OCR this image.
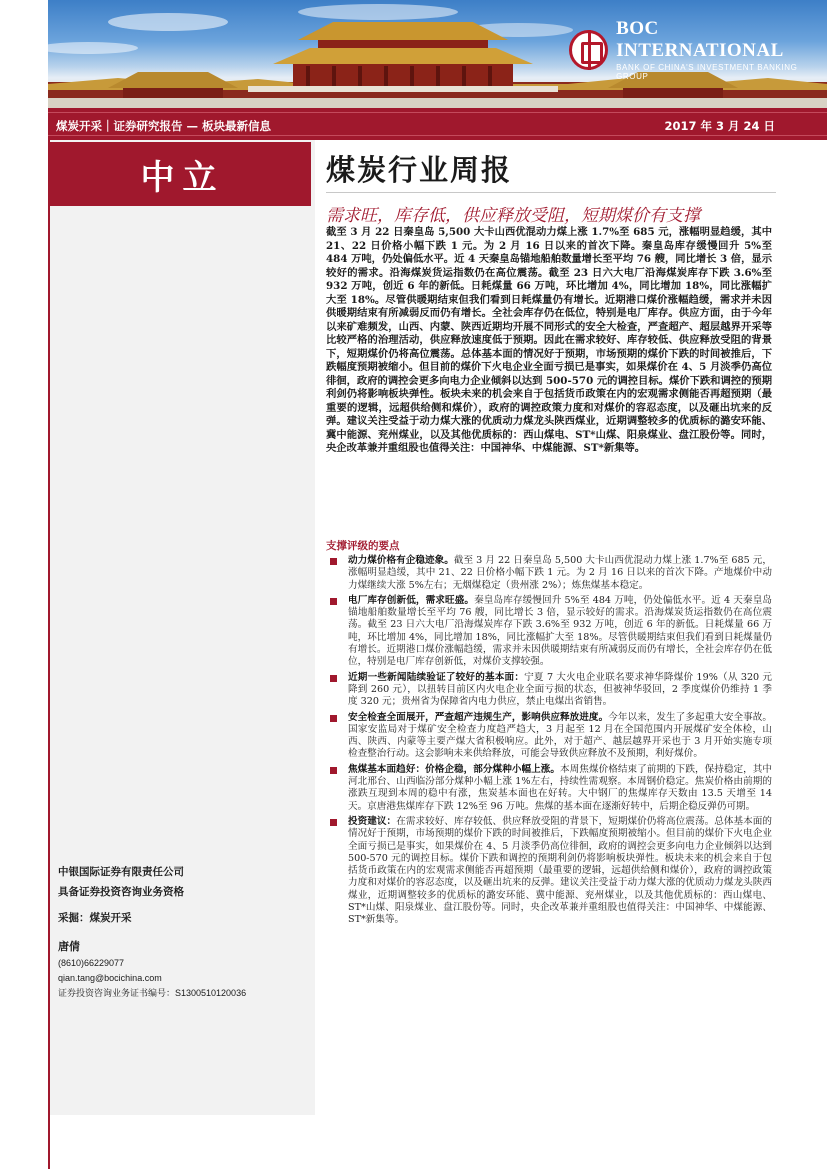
BOC INTERNATIONAL
BANK OF CHINA'S INVESTMENT BANKING GROUP
煤炭开采｜证券研究报告 — 板块最新信息	2017 年 3 月 24 日
中立
中银国际证券有限责任公司
具备证券投资咨询业务资格
采掘：煤炭开采
唐倩
(8610)66229077
qian.tang@bocichina.com
证券投资咨询业务证书编号：S1300510120036
煤炭行业周报
需求旺，库存低，供应释放受阻，短期煤价有支撑
截至 3 月 22 日秦皇岛 5,500 大卡山西优混动力煤上涨 1.7%至 685 元，涨幅明显趋缓，其中 21、22 日价格小幅下跌 1 元。为 2 月 16 日以来的首次下降。秦皇岛库存缓慢回升 5%至 484 万吨，仍处偏低水平。近 4 天秦皇岛锚地船舶数量增长至平均 76 艘，同比增长 3 倍，显示较好的需求。沿海煤炭货运指数仍在高位震荡。截至 23 日六大电厂沿海煤炭库存下跌 3.6%至 932 万吨，创近 6 年的新低。日耗煤量 66 万吨，环比增加 4%，同比增加 18%，同比涨幅扩大至 18%。尽管供暖期结束但我们看到日耗煤量仍有增长。近期港口煤价涨幅趋缓，需求并未因供暖期结束有所减弱反而仍有增长。全社会库存仍在低位，特别是电厂库存。供应方面，由于今年以来矿难频发，山西、内蒙、陕西近期均开展不同形式的安全大检查，严查超产、超层越界开采等比较严格的治理活动，供应释放速度低于预期。因此在需求较好、库存较低、供应释放受阻的背景下，短期煤价仍将高位震荡。总体基本面的情况好于预期，市场预期的煤价下跌的时间被推后，下跌幅度预期被缩小。但目前的煤价下火电企业全面亏损已是事实，如果煤价在 4、5 月淡季仍高位徘徊，政府的调控会更多向电力企业倾斜以达到 500-570 元的调控目标。煤价下跌和调控的预期利剑仍将影响板块弹性。板块未来的机会来自于包括货币政策在内的宏观需求侧能否再超预期（最重要的逻辑，远超供给侧和煤价），政府的调控政策力度和对煤价的容忍态度，以及砸出坑来的反弹。建议关注受益于动力煤大涨的优质动力煤龙头陕西煤业，近期调整较多的优质标的潞安环能、冀中能源、兖州煤业，以及其他优质标的：西山煤电、ST*山煤、阳泉煤业、盘江股份等。同时，央企改革兼并重组股也值得关注：中国神华、中煤能源、ST*新集等。
支撑评级的要点
动力煤价格有企稳迹象。截至 3 月 22 日秦皇岛 5,500 大卡山西优混动力煤上涨 1.7%至 685 元，涨幅明显趋缓，其中 21、22 日价格小幅下跌 1 元。为 2 月 16 日以来的首次下降。产地煤价中动力煤继续大涨 5%左右；无烟煤稳定（贵州涨 2%）；炼焦煤基本稳定。
电厂库存创新低，需求旺盛。秦皇岛库存缓慢回升 5%至 484 万吨，仍处偏低水平。近 4 天秦皇岛锚地船舶数量增长至平均 76 艘，同比增长 3 倍，显示较好的需求。沿海煤炭货运指数仍在高位震荡。截至 23 日六大电厂沿海煤炭库存下跌 3.6%至 932 万吨，创近 6 年的新低。日耗煤量 66 万吨，环比增加 4%，同比增加 18%，同比涨幅扩大至 18%。尽管供暖期结束但我们看到日耗煤量仍有增长。近期港口煤价涨幅趋缓，需求并未因供暖期结束有所减弱反而仍有增长，全社会库存仍在低位，特别是电厂库存创新低，对煤价支撑较强。
近期一些新闻陆续验证了较好的基本面：宁夏 7 大火电企业联名要求神华降煤价 19%（从 320 元降到 260 元），以扭转目前区内火电企业全面亏损的状态，但被神华驳回，2 季度煤价仍维持 1 季度 320 元；贵州省为保障省内电力供应，禁止电煤出省销售。
安全检查全面展开，严查超产违规生产，影响供应释放进度。今年以来，发生了多起重大安全事故。国家安监局对于煤矿安全检查力度趋严趋大，3 月起至 12 月在全国范围内开展煤矿安全体检，山西、陕西、内蒙等主要产煤大省积极响应。此外，对于超产、越层越界开采也于 3 月开始实施专项检查整治行动。这会影响未来供给释放，可能会导致供应释放不及预期，利好煤价。
焦煤基本面趋好：价格企稳，部分煤种小幅上涨。本周焦煤价格结束了前期的下跌，保持稳定，其中河北邢台、山西临汾部分煤种小幅上涨 1%左右，持续性需观察。本周钢价稳定。焦炭价格由前期的涨跌互现到本周的稳中有涨，焦炭基本面也在好转。大中钢厂的焦煤库存天数由 13.5 天增至 14 天。京唐港焦煤库存下跌 12%至 96 万吨。焦煤的基本面在逐渐好转中，后期企稳反弹仍可期。
投资建议：在需求较好、库存较低、供应释放受阻的背景下，短期煤价仍将高位震荡。总体基本面的情况好于预期，市场预期的煤价下跌的时间被推后，下跌幅度预期被缩小。但目前的煤价下火电企业全面亏损已是事实，如果煤价在 4、5 月淡季仍高位徘徊，政府的调控会更多向电力企业倾斜以达到 500-570 元的调控目标。煤价下跌和调控的预期利剑仍将影响板块弹性。板块未来的机会来自于包括货币政策在内的宏观需求侧能否再超预期（最重要的逻辑，远超供给侧和煤价），政府的调控政策力度和对煤价的容忍态度，以及砸出坑来的反弹。建议关注受益于动力煤大涨的优质动力煤龙头陕西煤业，近期调整较多的优质标的潞安环能、冀中能源、兖州煤业，以及其他优质标的：西山煤电、ST*山煤、阳泉煤业、盘江股份等。同时，央企改革兼并重组股也值得关注：中国神华、中煤能源、ST*新集等。
